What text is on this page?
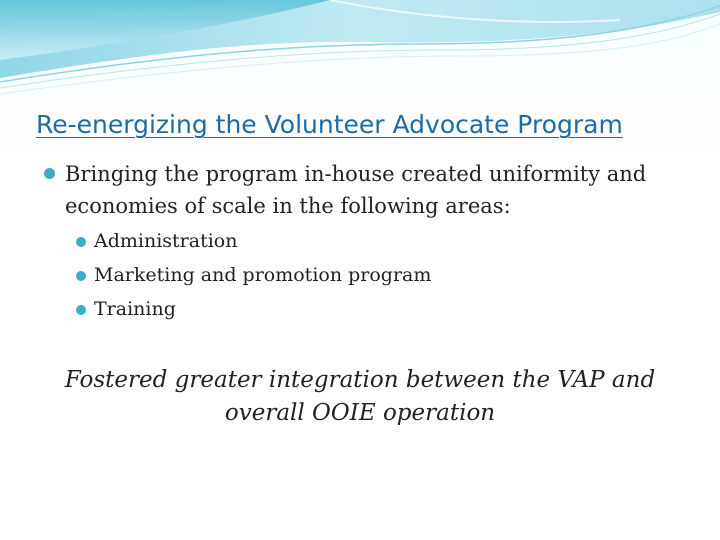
Re-energizing the Volunteer Advocate Program
Bringing the program in-house created uniformity and economies of scale in the following areas:
Administration
Marketing and promotion program
Training
Fostered greater integration between the VAP and overall OOIE operation
